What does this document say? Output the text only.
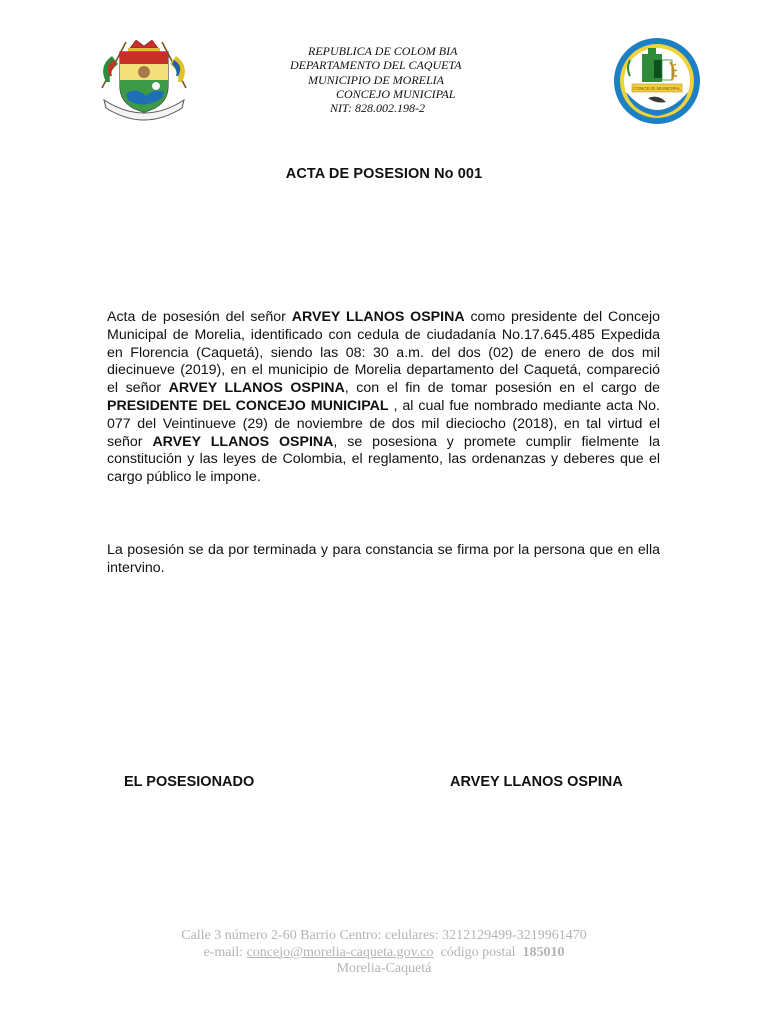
REPUBLICA DE COLOM BIA
DEPARTAMENTO DEL CAQUETA
MUNICIPIO DE MORELIA
CONCEJO MUNICIPAL
NIT: 828.002.198-2
CONCEJO MUNICIPAL
ACTA DE POSESION No 001
Acta de posesión del señor ARVEY LLANOS OSPINA como presidente del Concejo Municipal de Morelia, identificado con cedula de ciudadanía No.17.645.485 Expedida en Florencia (Caquetá), siendo las 08: 30 a.m. del dos (02) de enero de dos mil diecinueve (2019), en el municipio de Morelia departamento del Caquetá, compareció el señor ARVEY LLANOS OSPINA, con el fin de tomar posesión en el cargo de PRESIDENTE DEL CONCEJO MUNICIPAL , al cual fue nombrado mediante acta No. 077 del Veintinueve (29) de noviembre de dos mil dieciocho (2018), en tal virtud el señor ARVEY LLANOS OSPINA, se posesiona y promete cumplir fielmente la constitución y las leyes de Colombia, el reglamento, las ordenanzas y deberes que el cargo público le impone.
La posesión se da por terminada y para constancia se firma por la persona que en ella intervino.
EL POSESIONADO	ARVEY LLANOS OSPINA
Calle 3 número 2-60 Barrio Centro: celulares: 3212129499-3219961470
e-mail: concejo@morelia-caqueta.gov.co  código postal  185010
Morelia-Caquetá
